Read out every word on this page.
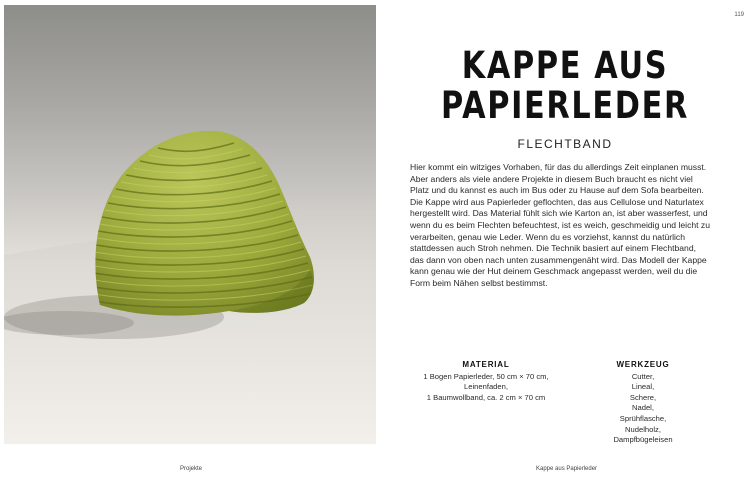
119
KAPPE AUS
PAPIERLEDER
FLECHTBAND

Hier kommt ein witziges Vorhaben, für das du allerdings Zeit einplanen musst. Aber anders als viele andere Projekte in diesem Buch braucht es nicht viel Platz und du kannst es auch im Bus oder zu Hause auf dem Sofa bearbeiten. Die Kappe wird aus Papierleder geflochten, das aus Cellulose und Naturlatex hergestellt wird. Das Material fühlt sich wie Karton an, ist aber wasserfest, und wenn du es beim Flechten befeuchtest, ist es weich, geschmeidig und leicht zu verarbeiten, genau wie Leder. Wenn du es vorziehst, kannst du natürlich stattdessen auch Stroh nehmen. Die Technik basiert auf einem Flechtband, das dann von oben nach unten zusammengenäht wird. Das Modell der Kappe kann genau wie der Hut deinem Geschmack angepasst werden, weil du die Form beim Nähen selbst bestimmst.

MATERIAL
1 Bogen Papierleder, 50 cm × 70 cm,
Leinenfaden,
1 Baumwollband, ca. 2 cm × 70 cm
WERKZEUG
Cutter,
Lineal,
Schere,
Nadel,
Sprühflasche,
Nudelholz,
Dampfbügeleisen
Projekte	Kappe aus Papierleder
